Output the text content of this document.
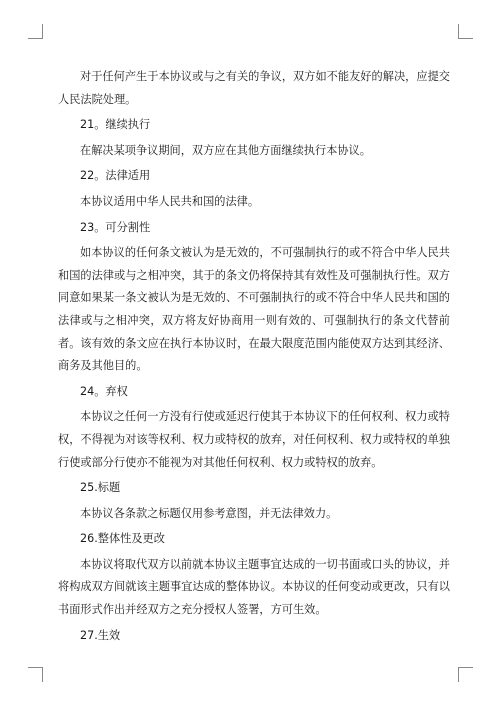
对于任何产生于本协议或与之有关的争议，双方如不能友好的解决，应提交人民法院处理。

21。继续执行

在解决某项争议期间，双方应在其他方面继续执行本协议。

22。法律适用

本协议适用中华人民共和国的法律。

23。可分割性

如本协议的任何条文被认为是无效的，不可强制执行的或不符合中华人民共和国的法律或与之相冲突，其于的条文仍将保持其有效性及可强制执行性。双方同意如果某一条文被认为是无效的、不可强制执行的或不符合中华人民共和国的法律或与之相冲突，双方将友好协商用一则有效的、可强制执行的条文代替前者。该有效的条文应在执行本协议时，在最大限度范围内能使双方达到其经济、商务及其他目的。

24。弃权

本协议之任何一方没有行使或延迟行使其于本协议下的任何权利、权力或特权，不得视为对该等权利、权力或特权的放弃，对任何权利、权力或特权的单独行使或部分行使亦不能视为对其他任何权利、权力或特权的放弃。

25.标题

本协议各条款之标题仅用参考意图，并无法律效力。

26.整体性及更改

本协议将取代双方以前就本协议主题事宜达成的一切书面或口头的协议，并将构成双方间就该主题事宜达成的整体协议。本协议的任何变动或更改，只有以书面形式作出并经双方之充分授权人签署，方可生效。

27.生效
